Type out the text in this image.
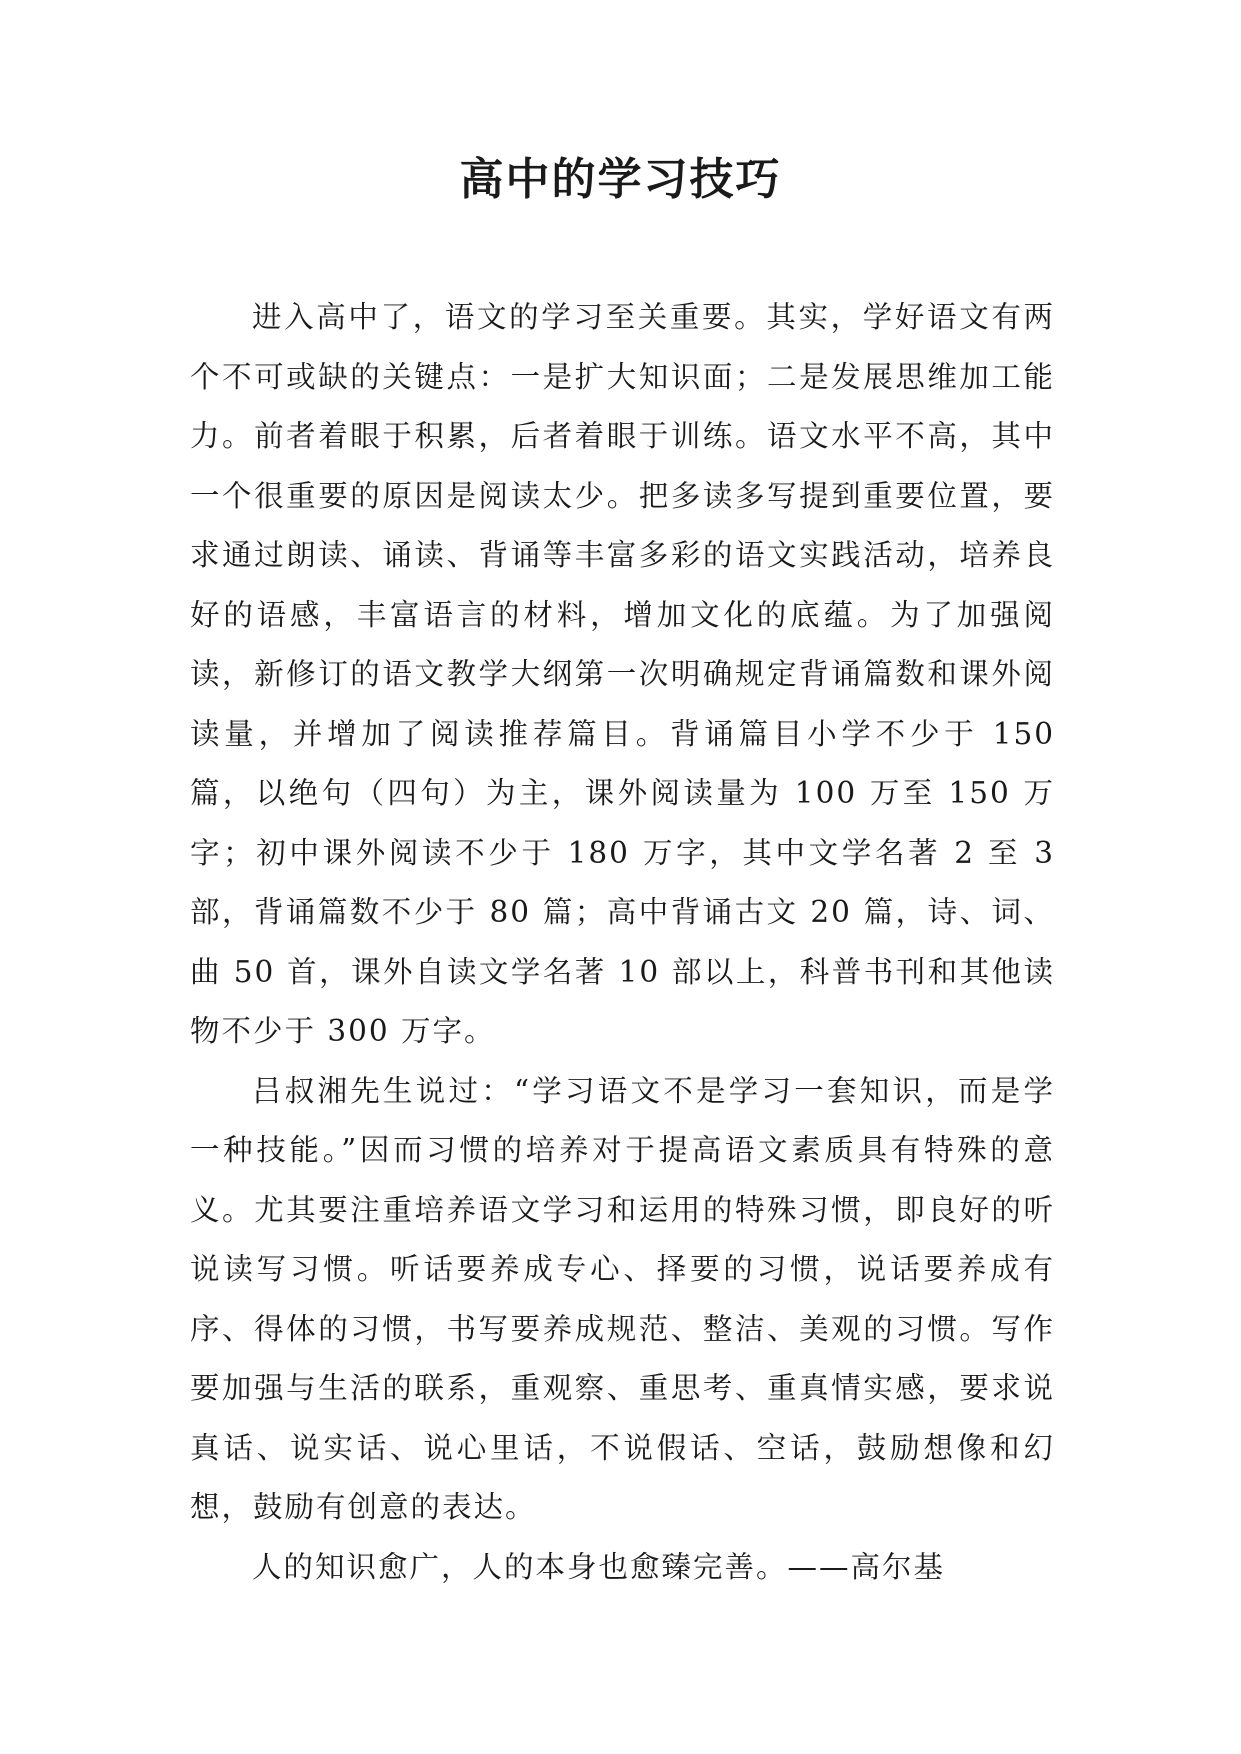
高中的学习技巧

进入高中了，语文的学习至关重要。其实，学好语文有两个不可或缺的关键点：一是扩大知识面；二是发展思维加工能力。前者着眼于积累，后者着眼于训练。语文水平不高，其中一个很重要的原因是阅读太少。把多读多写提到重要位置，要求通过朗读、诵读、背诵等丰富多彩的语文实践活动，培养良好的语感，丰富语言的材料，增加文化的底蕴。为了加强阅读，新修订的语文教学大纲第一次明确规定背诵篇数和课外阅读量，并增加了阅读推荐篇目。背诵篇目小学不少于 150 篇，以绝句（四句）为主，课外阅读量为 100 万至 150 万字；初中课外阅读不少于 180 万字，其中文学名著 2 至 3 部，背诵篇数不少于 80 篇；高中背诵古文 20 篇，诗、词、曲 50 首，课外自读文学名著 10 部以上，科普书刊和其他读物不少于 300 万字。

吕叔湘先生说过：“学习语文不是学习一套知识，而是学一种技能。”因而习惯的培养对于提高语文素质具有特殊的意义。尤其要注重培养语文学习和运用的特殊习惯，即良好的听说读写习惯。听话要养成专心、择要的习惯，说话要养成有序、得体的习惯，书写要养成规范、整洁、美观的习惯。写作要加强与生活的联系，重观察、重思考、重真情实感，要求说真话、说实话、说心里话，不说假话、空话，鼓励想像和幻想，鼓励有创意的表达。

人的知识愈广，人的本身也愈臻完善。——高尔基
